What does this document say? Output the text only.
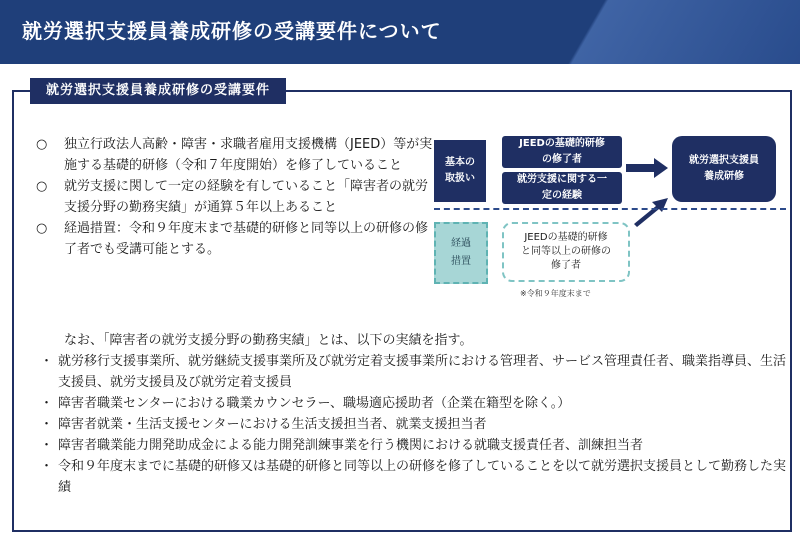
就労選択支援員養成研修の受講要件について
就労選択支援員養成研修の受講要件
○	独立行政法人高齢・障害・求職者雇用支援機構（JEED）等が実施する基礎的研修（令和７年度開始）を修了していること
○	就労支援に関して一定の経験を有していること「障害者の就労支援分野の勤務実績」が通算５年以上あること
○	経過措置：令和９年度末まで基礎的研修と同等以上の研修の修了者でも受講可能とする。
基本の
取扱い
JEEDの基礎的研修
の修了者
就労支援に関する一
定の経験
就労選択支援員
養成研修
経過
措置
JEEDの基礎的研修
と同等以上の研修の
修了者
※令和９年度末まで
なお、「障害者の就労支援分野の勤務実績」とは、以下の実績を指す。
・ 就労移行支援事業所、就労継続支援事業所及び就労定着支援事業所における管理者、サービス管理責任者、職業指導員、生活支援員、就労支援員及び就労定着支援員
・ 障害者職業センターにおける職業カウンセラー、職場適応援助者（企業在籍型を除く。）
・ 障害者就業・生活支援センターにおける生活支援担当者、就業支援担当者
・ 障害者職業能力開発助成金による能力開発訓練事業を行う機関における就職支援責任者、訓練担当者
・ 令和９年度末までに基礎的研修又は基礎的研修と同等以上の研修を修了していることを以て就労選択支援員として勤務した実績
